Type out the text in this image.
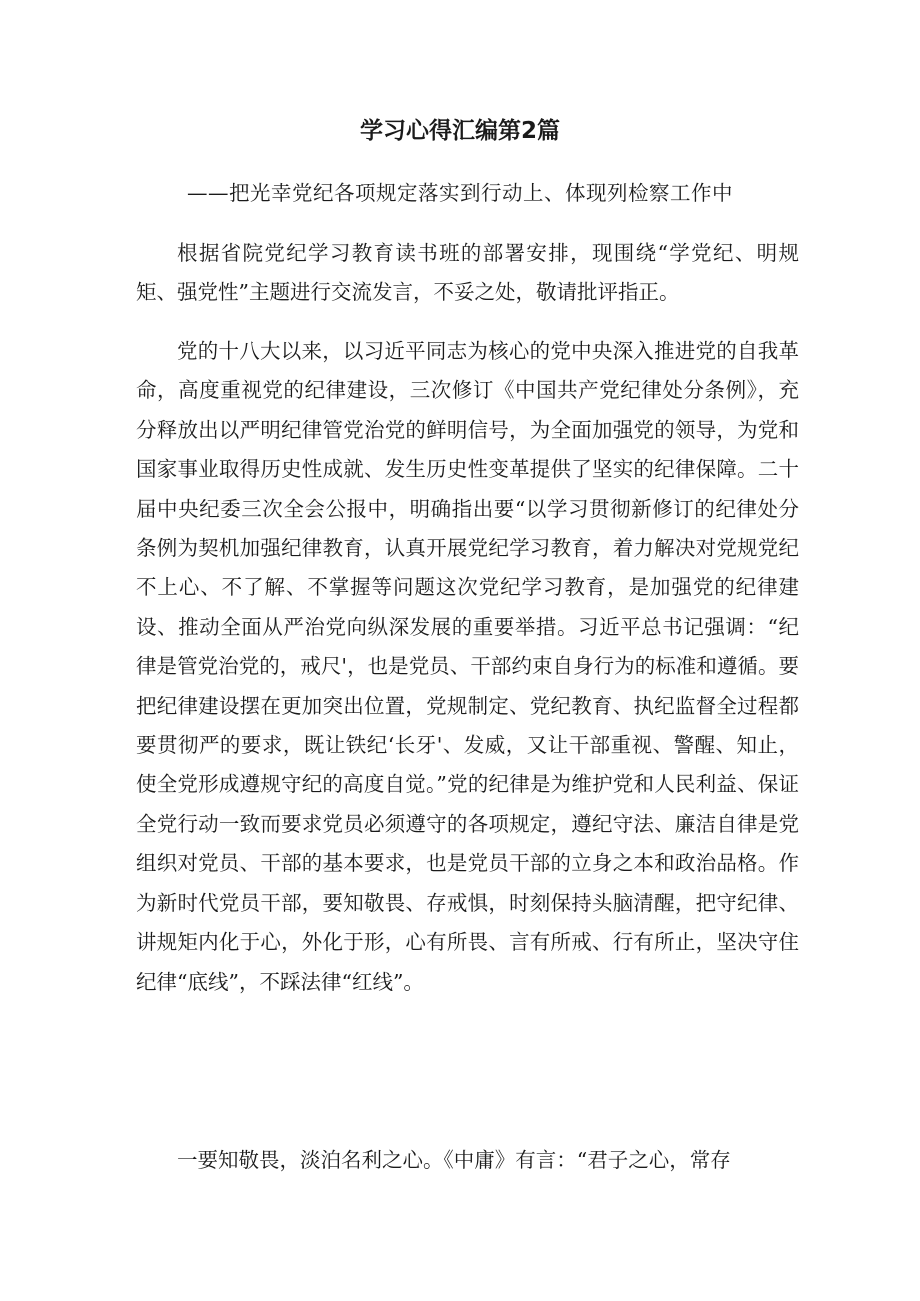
学习心得汇编第2篇
——把光幸党纪各项规定落实到行动上、体现列检察工作中

根据省院党纪学习教育读书班的部署安排，现围绕“学党纪、明规矩、强党性”主题进行交流发言，不妥之处，敬请批评指正。

党的十八大以来，以习近平同志为核心的党中央深入推进党的自我革命，高度重视党的纪律建设，三次修订《中国共产党纪律处分条例》，充分释放出以严明纪律管党治党的鲜明信号，为全面加强党的领导，为党和国家事业取得历史性成就、发生历史性变革提供了坚实的纪律保障。二十届中央纪委三次全会公报中，明确指出要“以学习贯彻新修订的纪律处分条例为契机加强纪律教育，认真开展党纪学习教育，着力解决对党规党纪不上心、不了解、不掌握等问题这次党纪学习教育，是加强党的纪律建设、推动全面从严治党向纵深发展的重要举措。习近平总书记强调：“纪律是管党治党的，戒尺'，也是党员、干部约束自身行为的标准和遵循。要把纪律建设摆在更加突出位置，党规制定、党纪教育、执纪监督全过程都要贯彻严的要求，既让铁纪‘长牙'、发威，又让干部重视、警醒、知止，使全党形成遵规守纪的高度自觉。”党的纪律是为维护党和人民利益、保证全党行动一致而要求党员必须遵守的各项规定，遵纪守法、廉洁自律是党组织对党员、干部的基本要求，也是党员干部的立身之本和政治品格。作为新时代党员干部，要知敬畏、存戒惧，时刻保持头脑清醒，把守纪律、讲规矩内化于心，外化于形，心有所畏、言有所戒、行有所止，坚决守住纪律“底线”，不踩法律“红线”。

一要知敬畏，淡泊名利之心。《中庸》有言：“君子之心，常存
